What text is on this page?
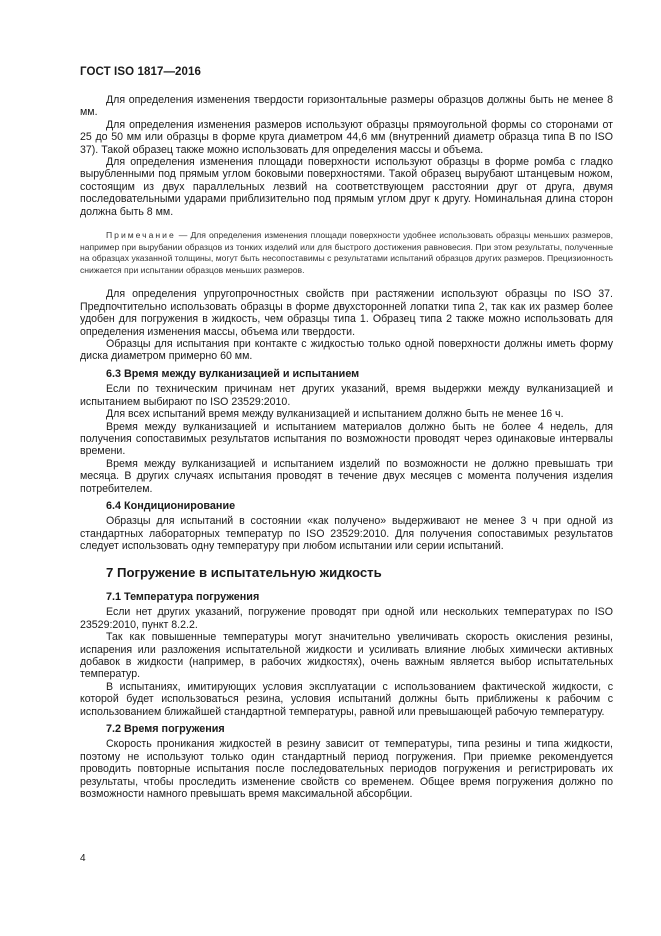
ГОСТ ISO 1817—2016

Для определения изменения твердости горизонтальные размеры образцов должны быть не менее 8 мм.

Для определения изменения размеров используют образцы прямоугольной формы со сторонами от 25 до 50 мм или образцы в форме круга диаметром 44,6 мм (внутренний диаметр образца типа В по ISO 37). Такой образец также можно использовать для определения массы и объема.

Для определения изменения площади поверхности используют образцы в форме ромба с гладко вырубленными под прямым углом боковыми поверхностями. Такой образец вырубают штанцевым ножом, состоящим из двух параллельных лезвий на соответствующем расстоянии друг от друга, двумя последовательными ударами приблизительно под прямым углом друг к другу. Номинальная длина сторон должна быть 8 мм.

Примечание — Для определения изменения площади поверхности удобнее использовать образцы меньших размеров, например при вырубании образцов из тонких изделий или для быстрого достижения равновесия. При этом результаты, полученные на образцах указанной толщины, могут быть несопоставимы с результатами испытаний образцов других размеров. Прецизионность снижается при испытании образцов меньших размеров.

Для определения упругопрочностных свойств при растяжении используют образцы по ISO 37. Предпочтительно использовать образцы в форме двухсторонней лопатки типа 2, так как их размер более удобен для погружения в жидкость, чем образцы типа 1. Образец типа 2 также можно использовать для определения изменения массы, объема или твердости.

Образцы для испытания при контакте с жидкостью только одной поверхности должны иметь форму диска диаметром примерно 60 мм.

6.3 Время между вулканизацией и испытанием

Если по техническим причинам нет других указаний, время выдержки между вулканизацией и испытанием выбирают по ISO 23529:2010.

Для всех испытаний время между вулканизацией и испытанием должно быть не менее 16 ч.

Время между вулканизацией и испытанием материалов должно быть не более 4 недель, для получения сопоставимых результатов испытания по возможности проводят через одинаковые интервалы времени.

Время между вулканизацией и испытанием изделий по возможности не должно превышать три месяца. В других случаях испытания проводят в течение двух месяцев с момента получения изделия потребителем.

6.4 Кондиционирование

Образцы для испытаний в состоянии «как получено» выдерживают не менее 3 ч при одной из стандартных лабораторных температур по ISO 23529:2010. Для получения сопоставимых результатов следует использовать одну температуру при любом испытании или серии испытаний.

7 Погружение в испытательную жидкость
7.1 Температура погружения

Если нет других указаний, погружение проводят при одной или нескольких температурах по ISO 23529:2010, пункт 8.2.2.

Так как повышенные температуры могут значительно увеличивать скорость окисления резины, испарения или разложения испытательной жидкости и усиливать влияние любых химически активных добавок в жидкости (например, в рабочих жидкостях), очень важным является выбор испытательных температур.

В испытаниях, имитирующих условия эксплуатации с использованием фактической жидкости, с которой будет использоваться резина, условия испытаний должны быть приближены к рабочим с использованием ближайшей стандартной температуры, равной или превышающей рабочую температуру.

7.2 Время погружения

Скорость проникания жидкостей в резину зависит от температуры, типа резины и типа жидкости, поэтому не используют только один стандартный период погружения. При приемке рекомендуется проводить повторные испытания после последовательных периодов погружения и регистрировать их результаты, чтобы проследить изменение свойств со временем. Общее время погружения должно по возможности намного превышать время максимальной абсорбции.

4
